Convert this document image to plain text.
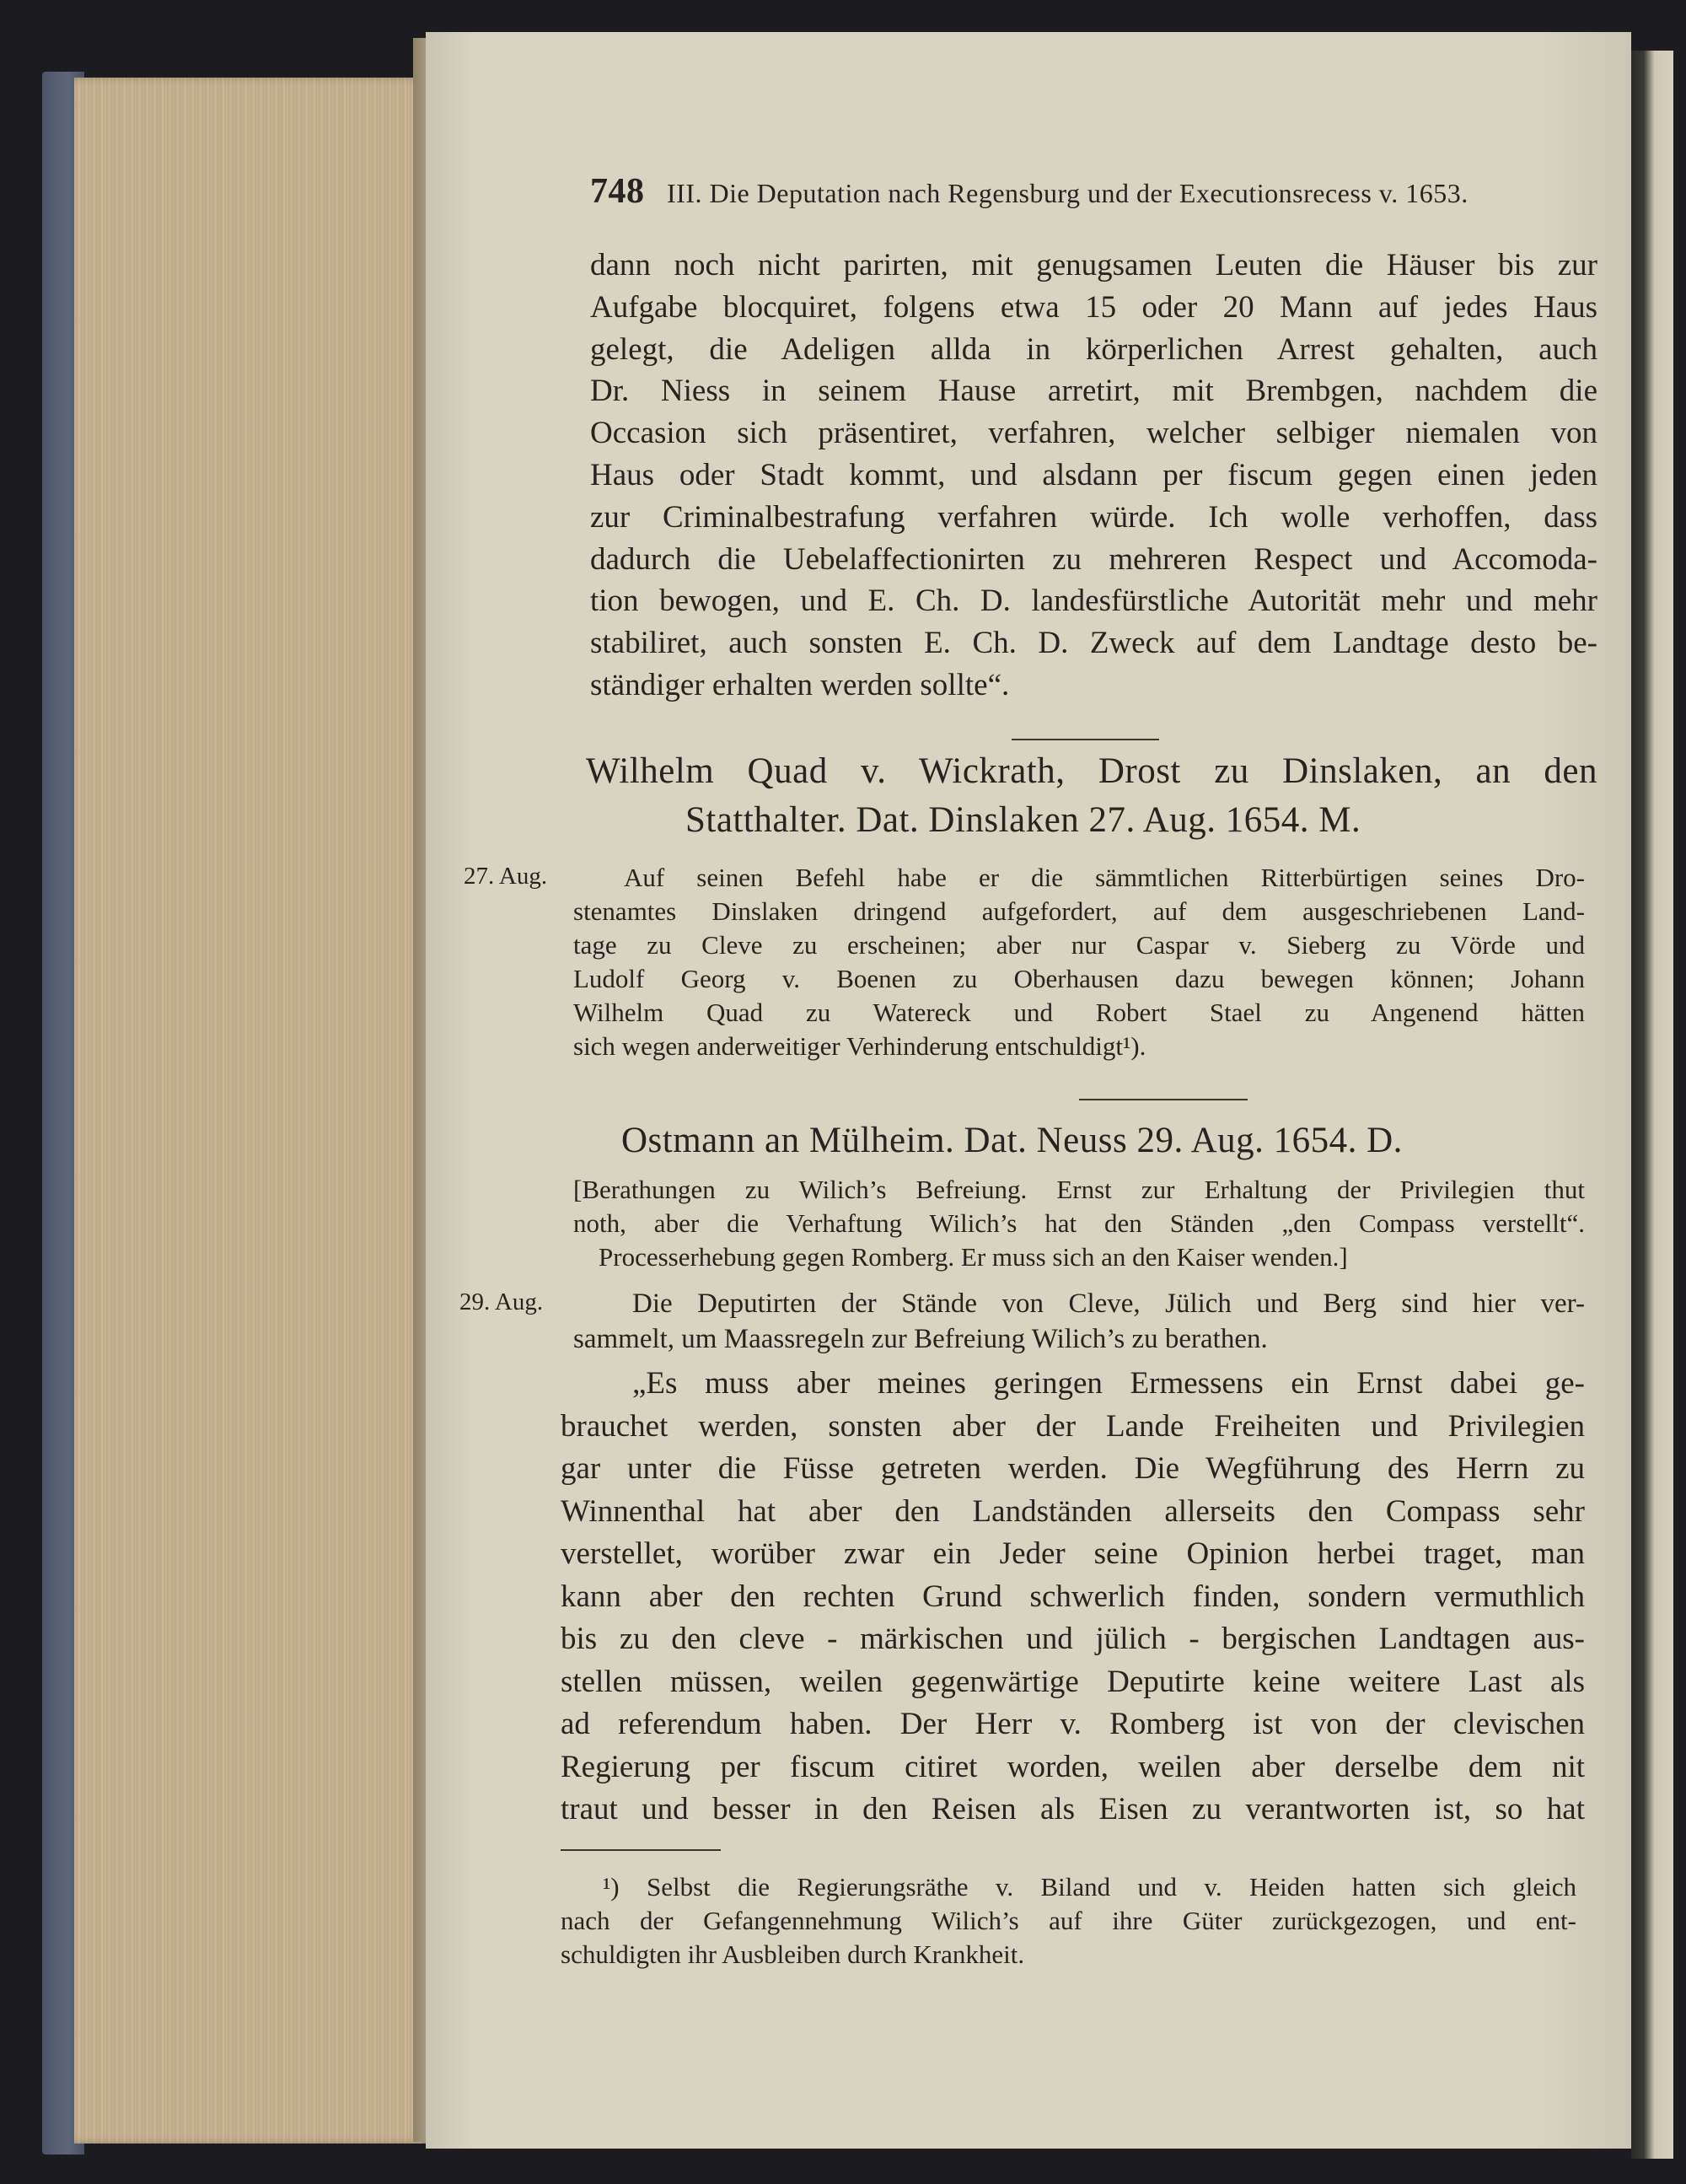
748 III. Die Deputation nach Regensburg und der Executionsrecess v. 1653.
dann noch nicht parirten, mit genugsamen Leuten die Häuser bis zur
Aufgabe blocquiret, folgens etwa 15 oder 20 Mann auf jedes Haus
gelegt, die Adeligen allda in körperlichen Arrest gehalten, auch
Dr. Niess in seinem Hause arretirt, mit Brembgen, nachdem die
Occasion sich präsentiret, verfahren, welcher selbiger niemalen von
Haus oder Stadt kommt, und alsdann per fiscum gegen einen jeden
zur Criminalbestrafung verfahren würde. Ich wolle verhoffen, dass
dadurch die Uebelaffectionirten zu mehreren Respect und Accomoda-
tion bewogen, und E. Ch. D. landesfürstliche Autorität mehr und mehr
stabiliret, auch sonsten E. Ch. D. Zweck auf dem Landtage desto be-
ständiger erhalten werden sollte“.
Wilhelm Quad v. Wickrath, Drost zu Dinslaken, an den
Statthalter. Dat. Dinslaken 27. Aug. 1654. M.
27. Aug.	Auf seinen Befehl habe er die sämmtlichen Ritterbürtigen seines Dro-
stenamtes Dinslaken dringend aufgefordert, auf dem ausgeschriebenen Land-
tage zu Cleve zu erscheinen; aber nur Caspar v. Sieberg zu Vörde und
Ludolf Georg v. Boenen zu Oberhausen dazu bewegen können; Johann
Wilhelm Quad zu Watereck und Robert Stael zu Angenend hätten
sich wegen anderweitiger Verhinderung entschuldigt¹).
Ostmann an Mülheim. Dat. Neuss 29. Aug. 1654. D.
[Berathungen zu Wilich’s Befreiung. Ernst zur Erhaltung der Privilegien thut
noth, aber die Verhaftung Wilich’s hat den Ständen „den Compass verstellt“.
Processerhebung gegen Romberg. Er muss sich an den Kaiser wenden.]
29. Aug.	Die Deputirten der Stände von Cleve, Jülich und Berg sind hier ver-
sammelt, um Maassregeln zur Befreiung Wilich’s zu berathen.
„Es muss aber meines geringen Ermessens ein Ernst dabei ge-
brauchet werden, sonsten aber der Lande Freiheiten und Privilegien
gar unter die Füsse getreten werden. Die Wegführung des Herrn zu
Winnenthal hat aber den Landständen allerseits den Compass sehr
verstellet, worüber zwar ein Jeder seine Opinion herbei traget, man
kann aber den rechten Grund schwerlich finden, sondern vermuthlich
bis zu den cleve - märkischen und jülich - bergischen Landtagen aus-
stellen müssen, weilen gegenwärtige Deputirte keine weitere Last als
ad referendum haben. Der Herr v. Romberg ist von der clevischen
Regierung per fiscum citiret worden, weilen aber derselbe dem nit
traut und besser in den Reisen als Eisen zu verantworten ist, so hat
¹) Selbst die Regierungsräthe v. Biland und v. Heiden hatten sich gleich
nach der Gefangennehmung Wilich’s auf ihre Güter zurückgezogen, und ent-
schuldigten ihr Ausbleiben durch Krankheit.
